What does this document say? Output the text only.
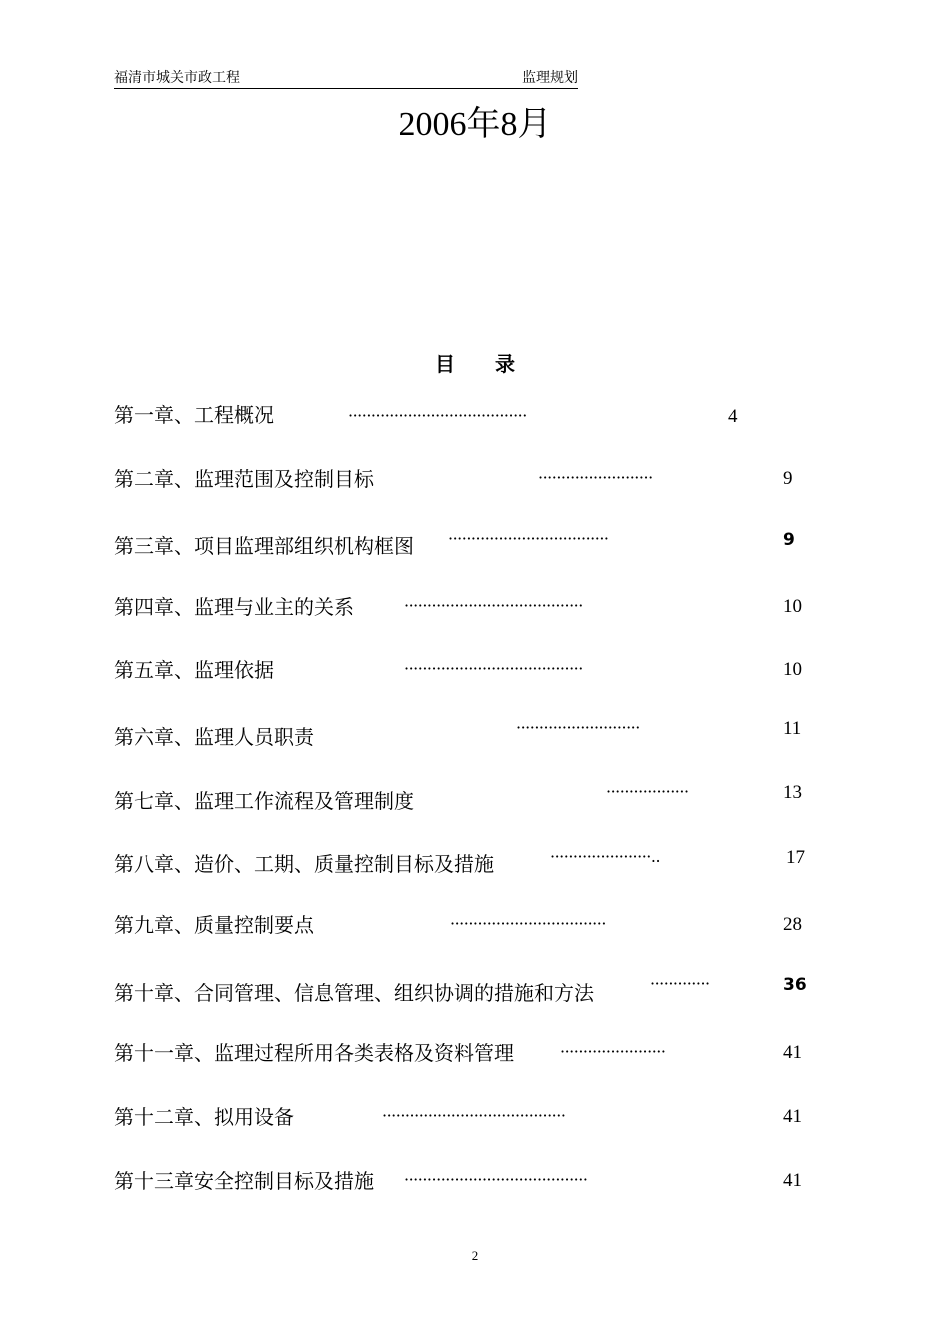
福清市城关市政工程	监理规划
2006年8月
目录
第一章、工程概况	·······································	4
第二章、监理范围及控制目标	·························	9
第三章、项目监理部组织机构框图 ···································	9
第四章、监理与业主的关系	·······································	10
第五章、监理依据	·······································	10
第六章、监理人员职责	···························	11
第七章、监理工作流程及管理制度	··················	13
第八章、造价、工期、质量控制目标及措施	······················..	17
第九章、质量控制要点	··································	28
第十章、合同管理、信息管理、组织协调的措施和方法	·············	36
第十一章、监理过程所用各类表格及资料管理	·······················	41
第十二章、拟用设备	········································	41
第十三章安全控制目标及措施 ········································	41
2
